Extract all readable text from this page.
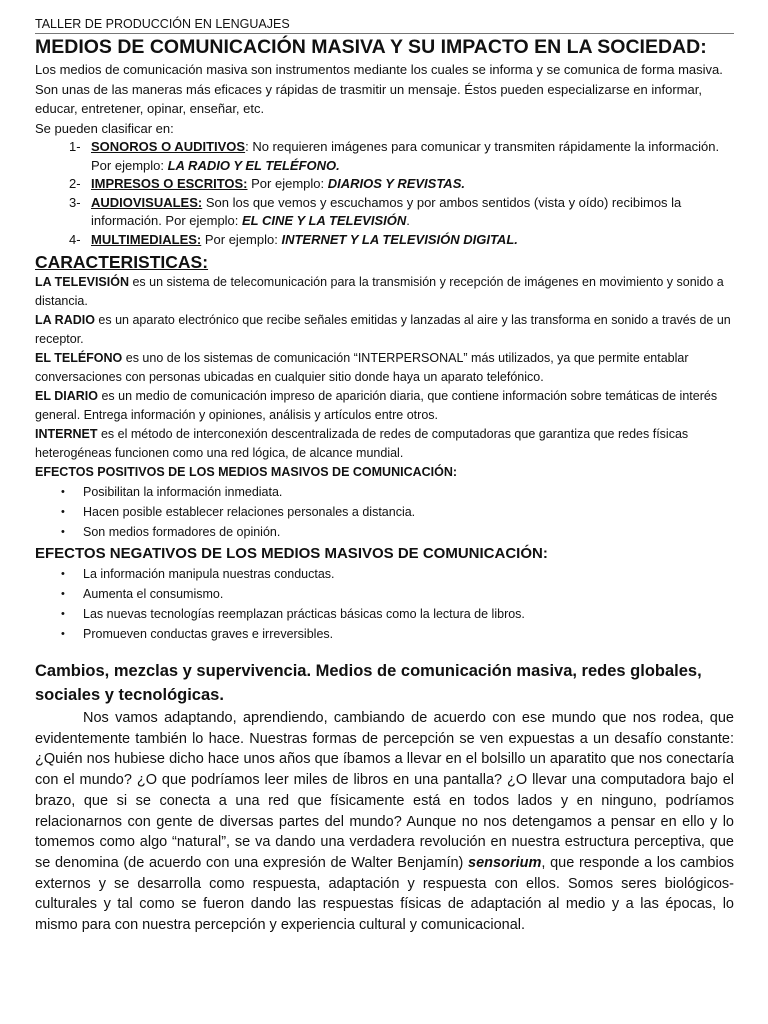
TALLER DE PRODUCCIÓN EN LENGUAJES
MEDIOS DE COMUNICACIÓN MASIVA Y SU IMPACTO EN LA SOCIEDAD:

Los medios de comunicación masiva son instrumentos mediante los cuales se informa y se comunica de forma masiva. Son unas de las maneras más eficaces y rápidas de trasmitir un mensaje. Éstos pueden especializarse en informar, educar, entretener, opinar, enseñar, etc.

Se pueden clasificar en:

1- SONOROS O AUDITIVOS: No requieren imágenes para comunicar y transmiten rápidamente la información. Por ejemplo: LA RADIO Y EL TELÉFONO.
2- IMPRESOS O ESCRITOS: Por ejemplo: DIARIOS Y REVISTAS.
3- AUDIOVISUALES: Son los que vemos y escuchamos y por ambos sentidos (vista y oído) recibimos la información. Por ejemplo: EL CINE Y LA TELEVISIÓN.
4- MULTIMEDIALES: Por ejemplo: INTERNET Y LA TELEVISIÓN DIGITAL.
CARACTERISTICAS:

LA TELEVISIÓN es un sistema de telecomunicación para la transmisión y recepción de imágenes en movimiento y sonido a distancia.

LA RADIO es un aparato electrónico que recibe señales emitidas y lanzadas al aire y las transforma en sonido a través de un receptor.

EL TELÉFONO es uno de los sistemas de comunicación “INTERPERSONAL” más utilizados, ya que permite entablar conversaciones con personas ubicadas en cualquier sitio donde haya un aparato telefónico.

EL DIARIO es un medio de comunicación impreso de aparición diaria, que contiene información sobre temáticas de interés general. Entrega información y opiniones, análisis y artículos entre otros.

INTERNET es el método de interconexión descentralizada de redes de computadoras que garantiza que redes físicas heterogéneas funcionen como una red lógica, de alcance mundial.

EFECTOS POSITIVOS DE LOS MEDIOS MASIVOS DE COMUNICACIÓN:

• Posibilitan la información inmediata.
• Hacen posible establecer relaciones personales a distancia.
• Son medios formadores de opinión.

EFECTOS NEGATIVOS DE LOS MEDIOS MASIVOS DE COMUNICACIÓN:

• La información manipula nuestras conductas.
• Aumenta el consumismo.
• Las nuevas tecnologías reemplazan prácticas básicas como la lectura de libros.
• Promueven conductas graves e irreversibles.
Cambios, mezclas y supervivencia. Medios de comunicación masiva, redes globales, sociales y tecnológicas.

Nos vamos adaptando, aprendiendo, cambiando de acuerdo con ese mundo que nos rodea, que evidentemente también lo hace. Nuestras formas de percepción se ven expuestas a un desafío constante: ¿Quién nos hubiese dicho hace unos años que íbamos a llevar en el bolsillo un aparatito que nos conectaría con el mundo? ¿O que podríamos leer miles de libros en una pantalla? ¿O llevar una computadora bajo el brazo, que si se conecta a una red que físicamente está en todos lados y en ninguno, podríamos relacionarnos con gente de diversas partes del mundo? Aunque no nos detengamos a pensar en ello y lo tomemos como algo “natural”, se va dando una verdadera revolución en nuestra estructura perceptiva, que se denomina (de acuerdo con una expresión de Walter Benjamín) sensorium, que responde a los cambios externos y se desarrolla como respuesta, adaptación y respuesta con ellos. Somos seres biológicos-culturales y tal como se fueron dando las respuestas físicas de adaptación al medio y a las épocas, lo mismo para con nuestra percepción y experiencia cultural y comunicacional.
